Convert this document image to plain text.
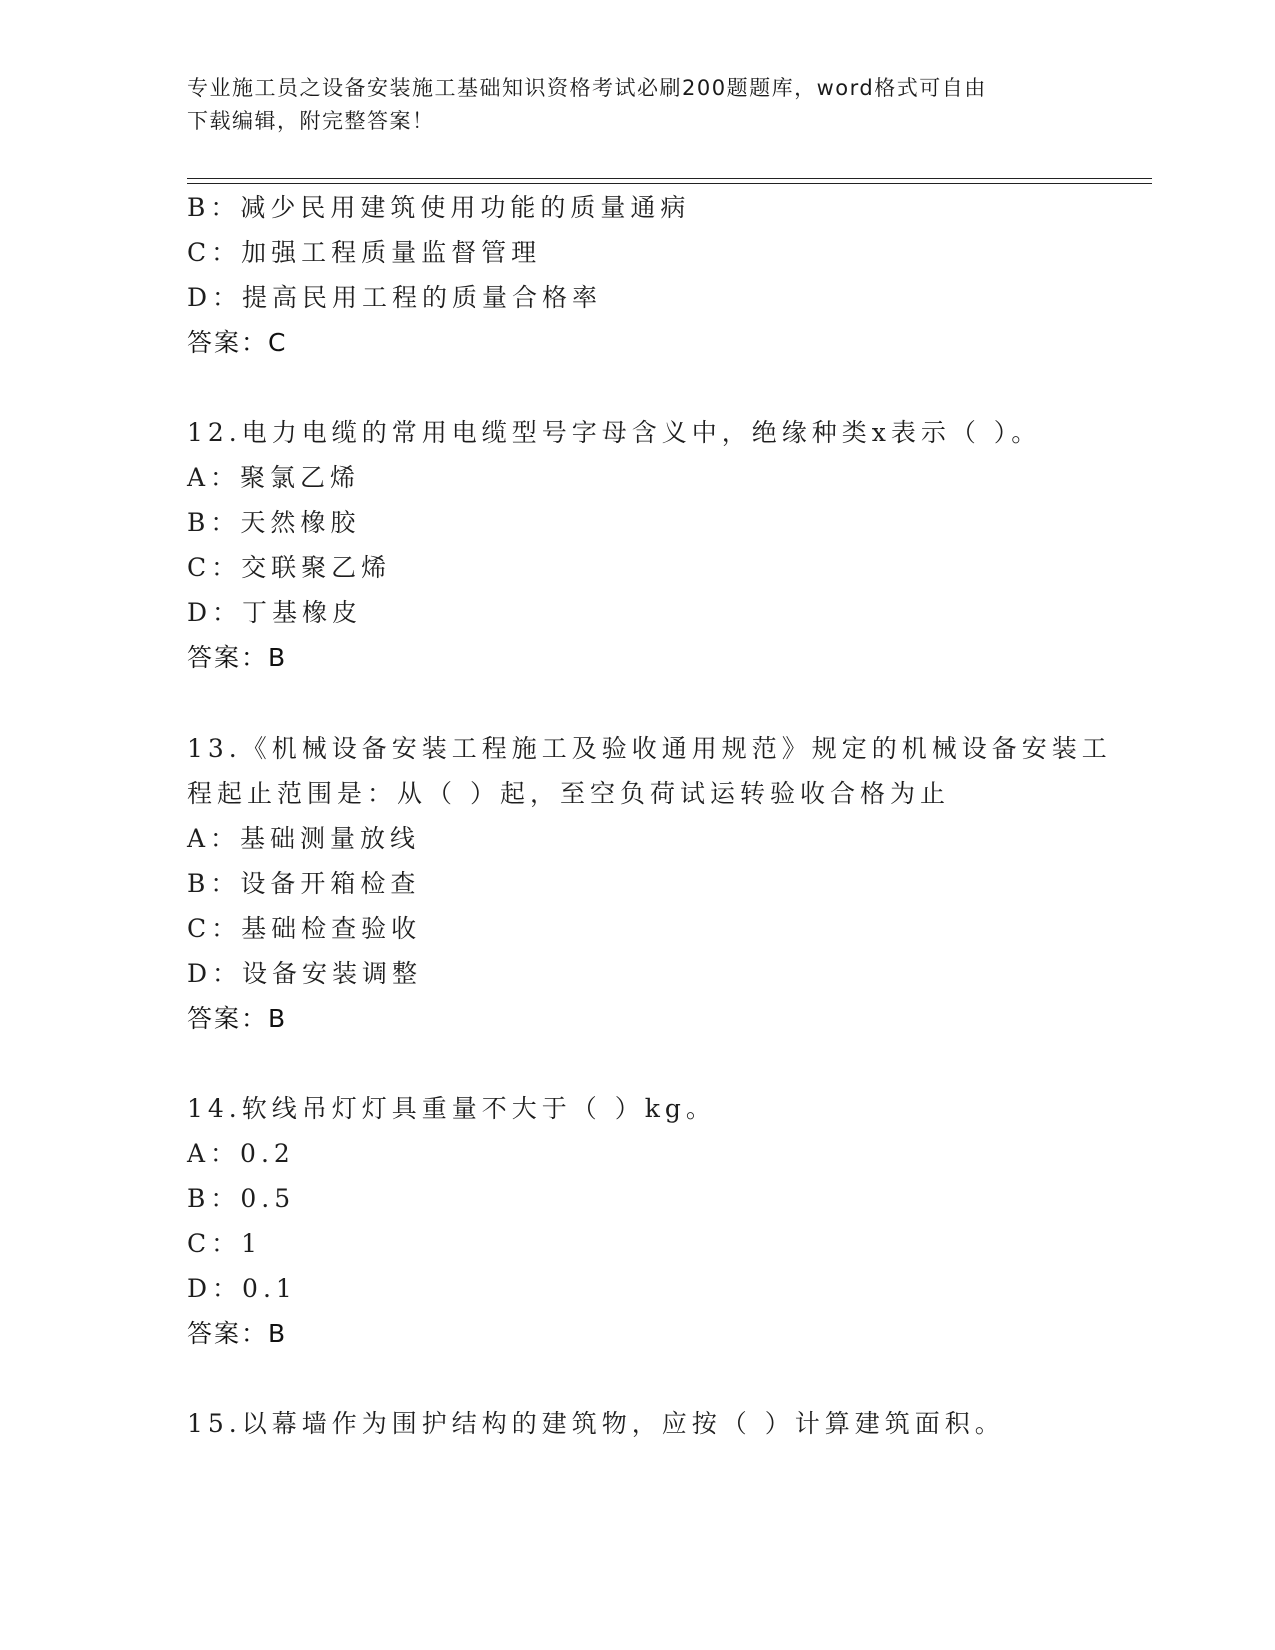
专业施工员之设备安装施工基础知识资格考试必刷200题题库，word格式可自由
下载编辑，附完整答案！
B：减少民用建筑使用功能的质量通病
C：加强工程质量监督管理
D：提高民用工程的质量合格率
答案：C
12.电力电缆的常用电缆型号字母含义中，绝缘种类x表示（ ）。
A：聚氯乙烯
B：天然橡胶
C：交联聚乙烯
D：丁基橡皮
答案：B
13.《机械设备安装工程施工及验收通用规范》规定的机械设备安装工
程起止范围是：从（ ）起，至空负荷试运转验收合格为止
A：基础测量放线
B：设备开箱检查
C：基础检查验收
D：设备安装调整
答案：B
14.软线吊灯灯具重量不大于（ ）kg。
A：0.2
B：0.5
C：1
D：0.1
答案：B
15.以幕墙作为围护结构的建筑物，应按（ ）计算建筑面积。
